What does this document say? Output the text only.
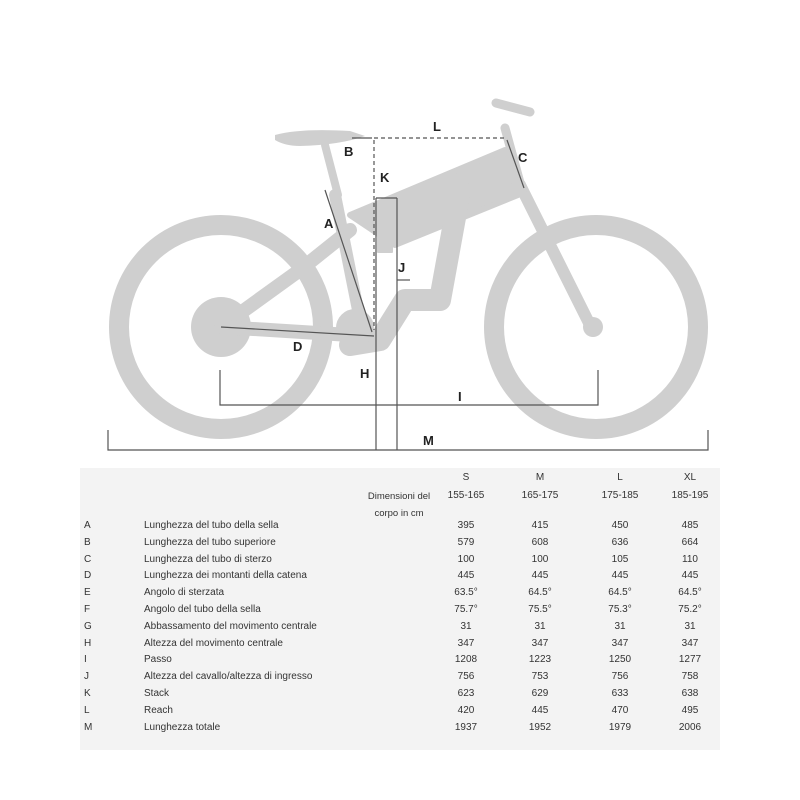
A
B	C
D
H
I
J
K
L
M
Dimensioni del corpo in cm
S	M	L	XL
155-165	165-175	175-185	185-195
A	Lunghezza del tubo della sella	395	415	450	485
B	Lunghezza del tubo superiore	579	608	636	664
C	Lunghezza del tubo di sterzo	100	100	105	110
D	Lunghezza dei montanti della catena	445	445	445	445
E	Angolo di sterzata	63.5°	64.5°	64.5°	64.5°
F	Angolo del tubo della sella	75.7°	75.5°	75.3°	75.2°
G	Abbassamento del movimento centrale	31	31	31	31
H	Altezza del movimento centrale	347	347	347	347
I	Passo	1208	1223	1250	1277
J	Altezza del cavallo/altezza di ingresso	756	753	756	758
K	Stack	623	629	633	638
L	Reach	420	445	470	495
M	Lunghezza totale	1937	1952	1979	2006
